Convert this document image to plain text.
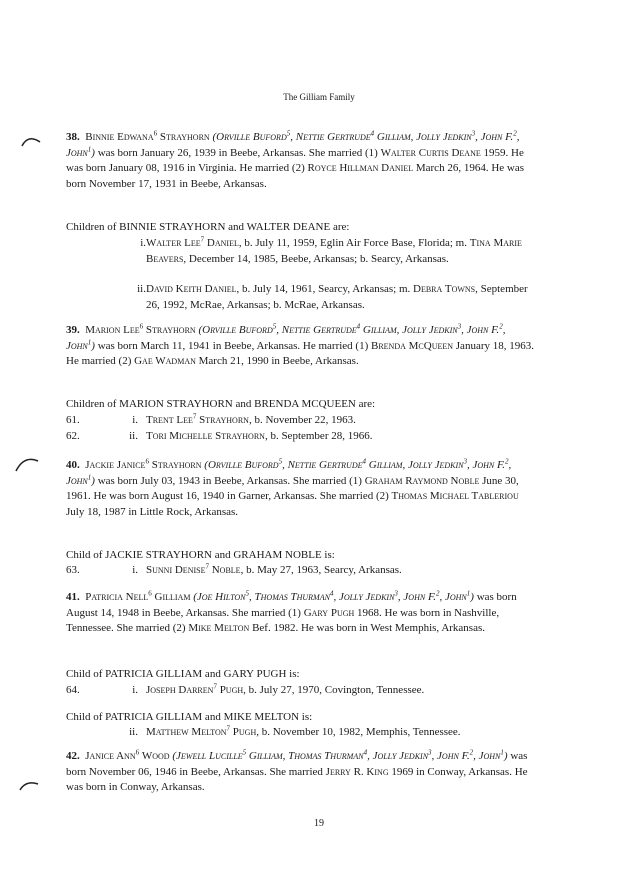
The Gilliam Family

38. Binnie Edwana$^6$ Strayhorn (Orville Buford$^5$, Nettie Gertrude$^4$ Gilliam, Jolly Jedkin$^3$, John F.$^2$, John$^1$) was born January 26, 1939 in Beebe, Arkansas. She married (1) Walter Curtis Deane 1959. He was born January 08, 1916 in Virginia. He married (2) Royce Hillman Daniel March 26, 1964. He was born November 17, 1931 in Beebe, Arkansas.

Children of BINNIE STRAYHORN and WALTER DEANE are:
i. Walter Lee$^7$ Daniel, b. July 11, 1959, Eglin Air Force Base, Florida; m. Tina Marie Beavers, December 14, 1985, Beebe, Arkansas; b. Searcy, Arkansas.
ii. David Keith Daniel, b. July 14, 1961, Searcy, Arkansas; m. Debra Towns, September 26, 1992, McRae, Arkansas; b. McRae, Arkansas.

39. Marion Lee$^6$ Strayhorn (Orville Buford$^5$, Nettie Gertrude$^4$ Gilliam, Jolly Jedkin$^3$, John F.$^2$, John$^1$) was born March 11, 1941 in Beebe, Arkansas. He married (1) Brenda McQueen January 18, 1963. He married (2) Gae Wadman March 21, 1990 in Beebe, Arkansas.

Children of MARION STRAYHORN and BRENDA MCQUEEN are:
61.	i. Trent Lee$^7$ Strayhorn, b. November 22, 1963.
62.	ii. Tori Michelle Strayhorn, b. September 28, 1966.

40. Jackie Janice$^6$ Strayhorn (Orville Buford$^5$, Nettie Gertrude$^4$ Gilliam, Jolly Jedkin$^3$, John F.$^2$, John$^1$) was born July 03, 1943 in Beebe, Arkansas. She married (1) Graham Raymond Noble June 30, 1961. He was born August 16, 1940 in Garner, Arkansas. She married (2) Thomas Michael Tableriou July 18, 1987 in Little Rock, Arkansas.

Child of JACKIE STRAYHORN and GRAHAM NOBLE is:
63.	i. Sunni Denise$^7$ Noble, b. May 27, 1963, Searcy, Arkansas.

41. Patricia Nell$^6$ Gilliam (Joe Hilton$^5$, Thomas Thurman$^4$, Jolly Jedkin$^3$, John F.$^2$, John$^1$) was born August 14, 1948 in Beebe, Arkansas. She married (1) Gary Pugh 1968. He was born in Nashville, Tennessee. She married (2) Mike Melton Bef. 1982. He was born in West Memphis, Arkansas.

Child of PATRICIA GILLIAM and GARY PUGH is:
64.	i. Joseph Darren$^7$ Pugh, b. July 27, 1970, Covington, Tennessee.
Child of PATRICIA GILLIAM and MIKE MELTON is:
ii. Matthew Melton$^7$ Pugh, b. November 10, 1982, Memphis, Tennessee.

42. Janice Ann$^6$ Wood (Jewell Lucille$^5$ Gilliam, Thomas Thurman$^4$, Jolly Jedkin$^3$, John F.$^2$, John$^1$) was born November 06, 1946 in Beebe, Arkansas. She married Jerry R. King 1969 in Conway, Arkansas. He was born in Conway, Arkansas.

19
